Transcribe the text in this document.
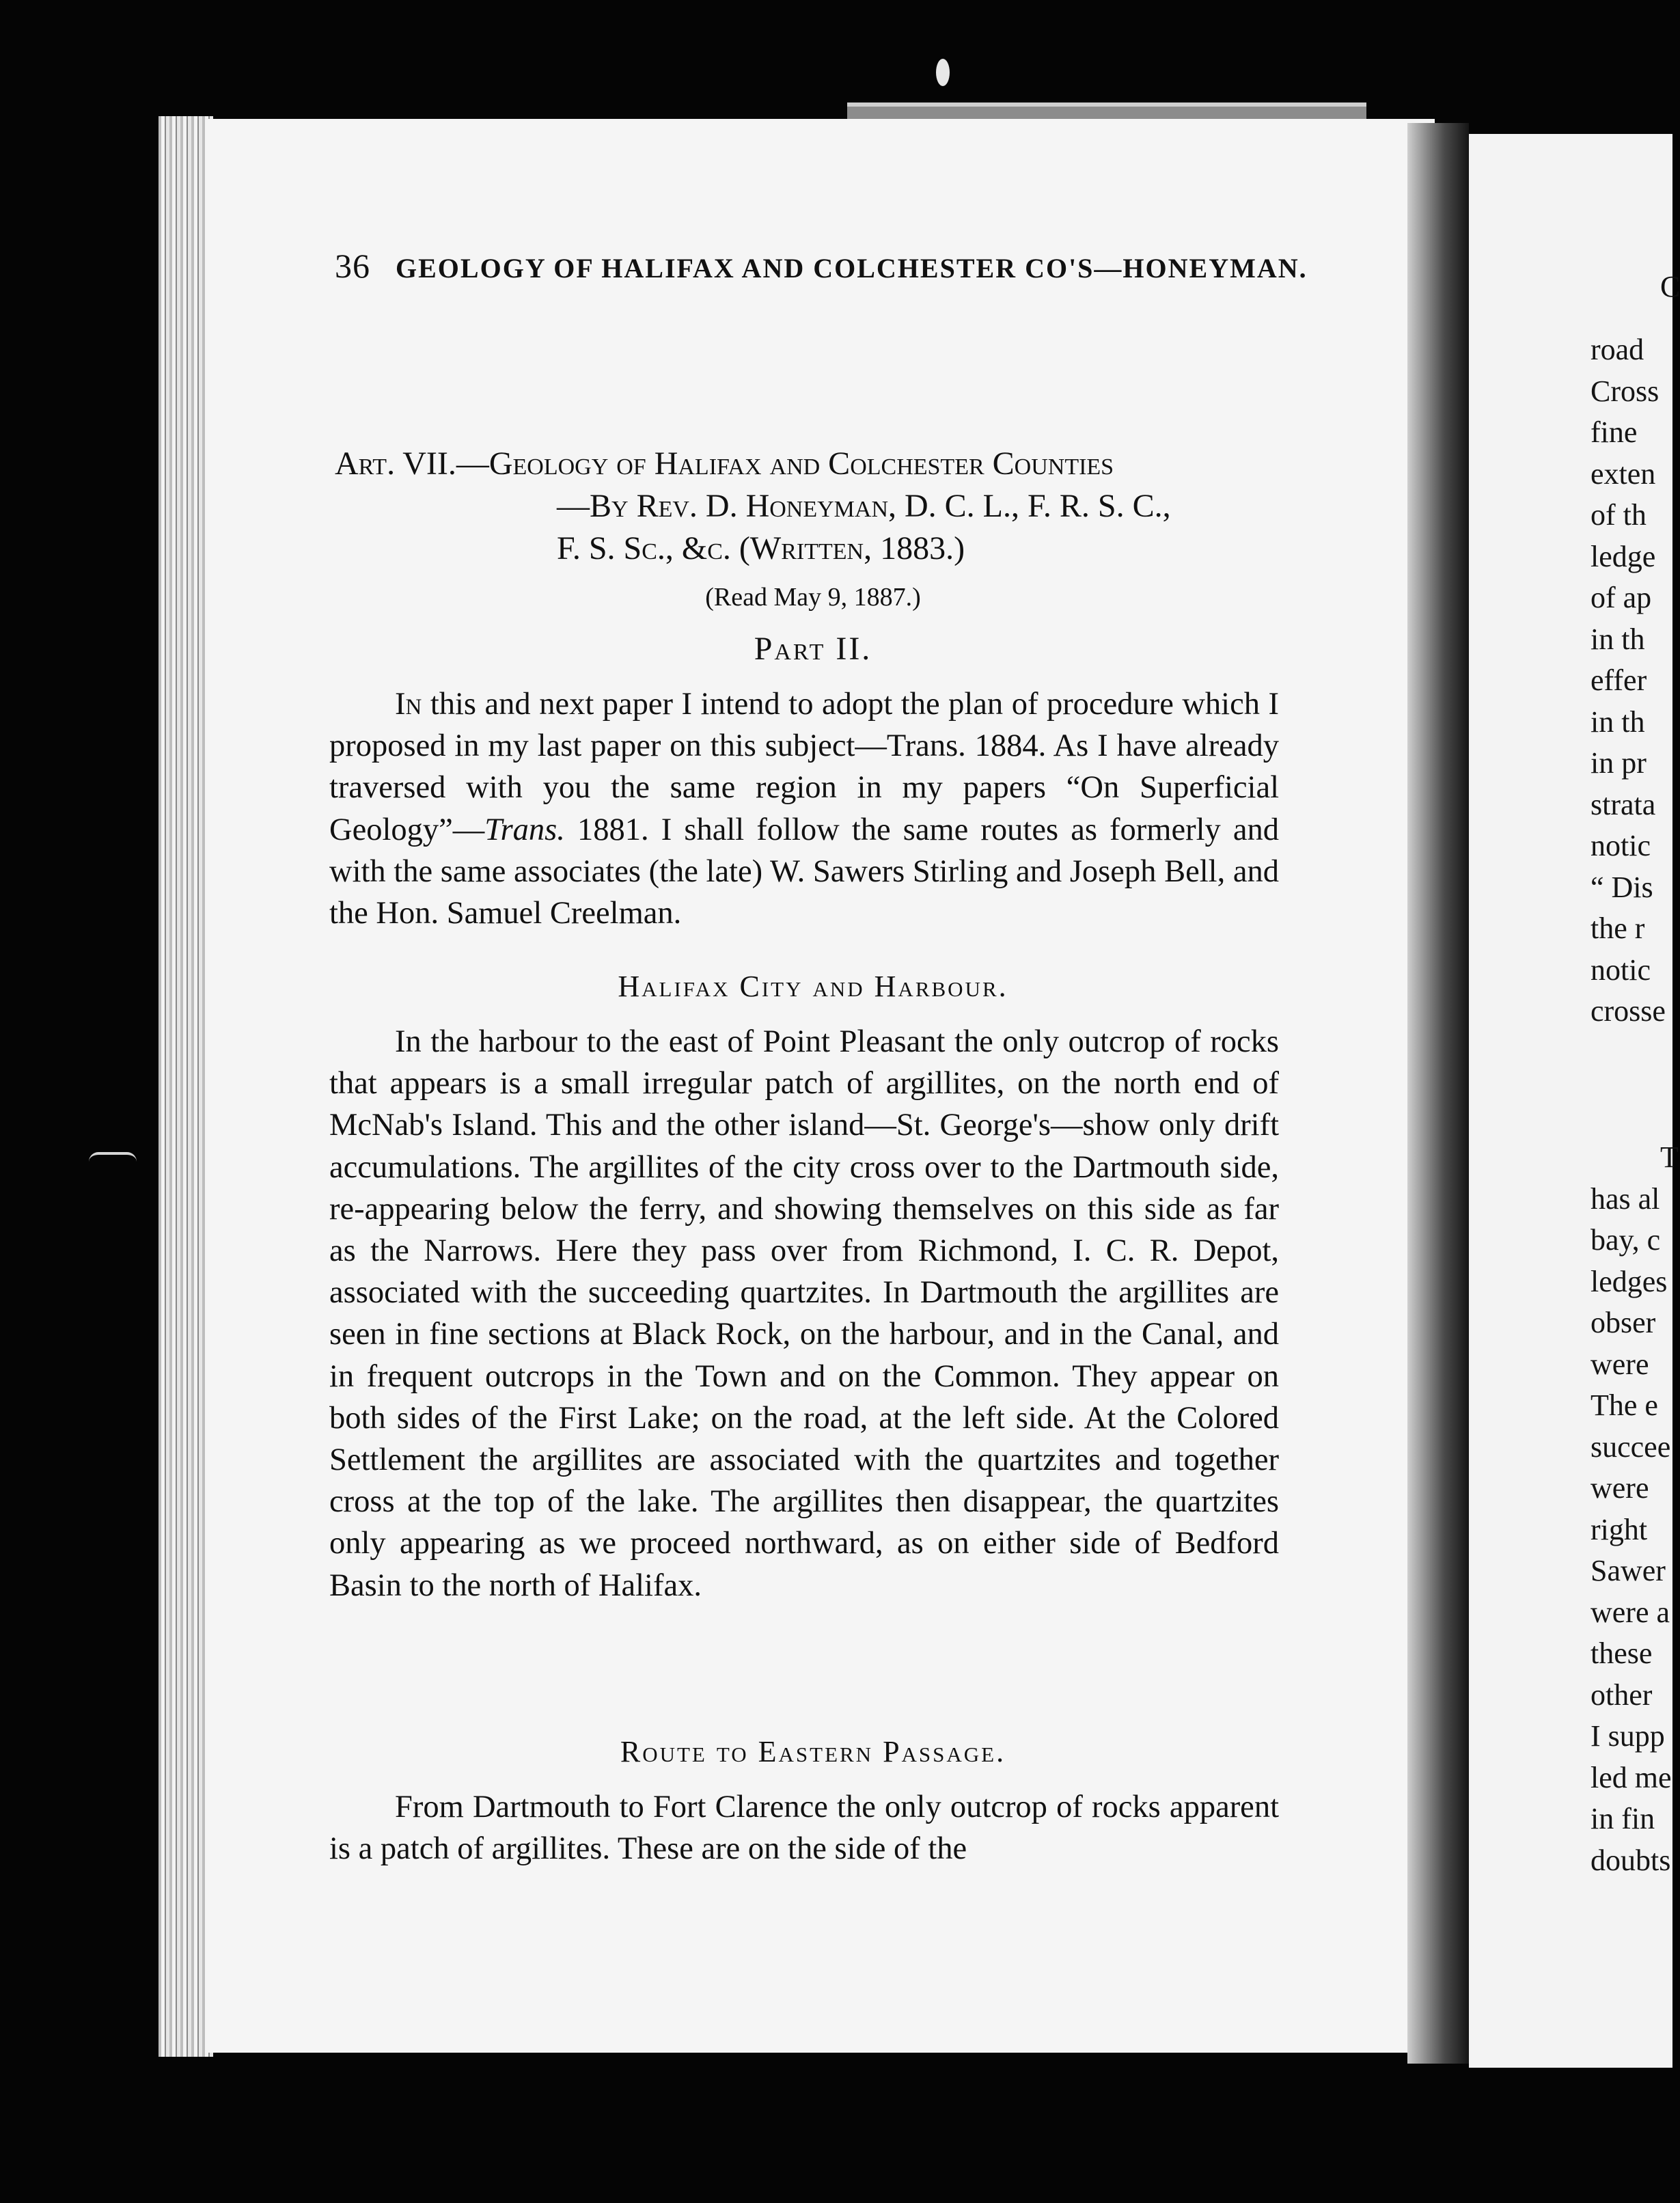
C
road
Cross
fine
exten
of th
ledge
of ap
in th
effer
in th
in pr
strata
notic
“ Dis
the r
notic
crosse
T
has al
bay, c
ledges
obser
were
The e
succee
were
right
Sawer
were a
these
other
I supp
led me
in fin
doubts
36 GEOLOGY OF HALIFAX AND COLCHESTER CO'S—HONEYMAN.
Art. VII.—Geology of Halifax and Colchester Counties
—By Rev. D. Honeyman, D. C. L., F. R. S. C.,
F. S. Sc., &c. (Written, 1883.)
(Read May 9, 1887.)
Part II.

In this and next paper I intend to adopt the plan of procedure which I proposed in my last paper on this subject—Trans. 1884. As I have already traversed with you the same region in my papers “On Superficial Geology”—Trans. 1881. I shall follow the same routes as formerly and with the same associates (the late) W. Sawers Stirling and Joseph Bell, and the Hon. Samuel Creelman.

Halifax City and Harbour.

In the harbour to the east of Point Pleasant the only outcrop of rocks that appears is a small irregular patch of argillites, on the north end of McNab's Island. This and the other island—St. George's—show only drift accumulations. The argillites of the city cross over to the Dartmouth side, re-appearing below the ferry, and showing themselves on this side as far as the Narrows. Here they pass over from Richmond, I. C. R. Depot, associated with the succeeding quartzites. In Dartmouth the argillites are seen in fine sections at Black Rock, on the harbour, and in the Canal, and in frequent outcrops in the Town and on the Common. They appear on both sides of the First Lake; on the road, at the left side. At the Colored Settlement the argillites are associated with the quartzites and together cross at the top of the lake. The argillites then disappear, the quartzites only appearing as we proceed northward, as on either side of Bedford Basin to the north of Halifax.

Route to Eastern Passage.

From Dartmouth to Fort Clarence the only outcrop of rocks apparent is a patch of argillites. These are on the side of the
